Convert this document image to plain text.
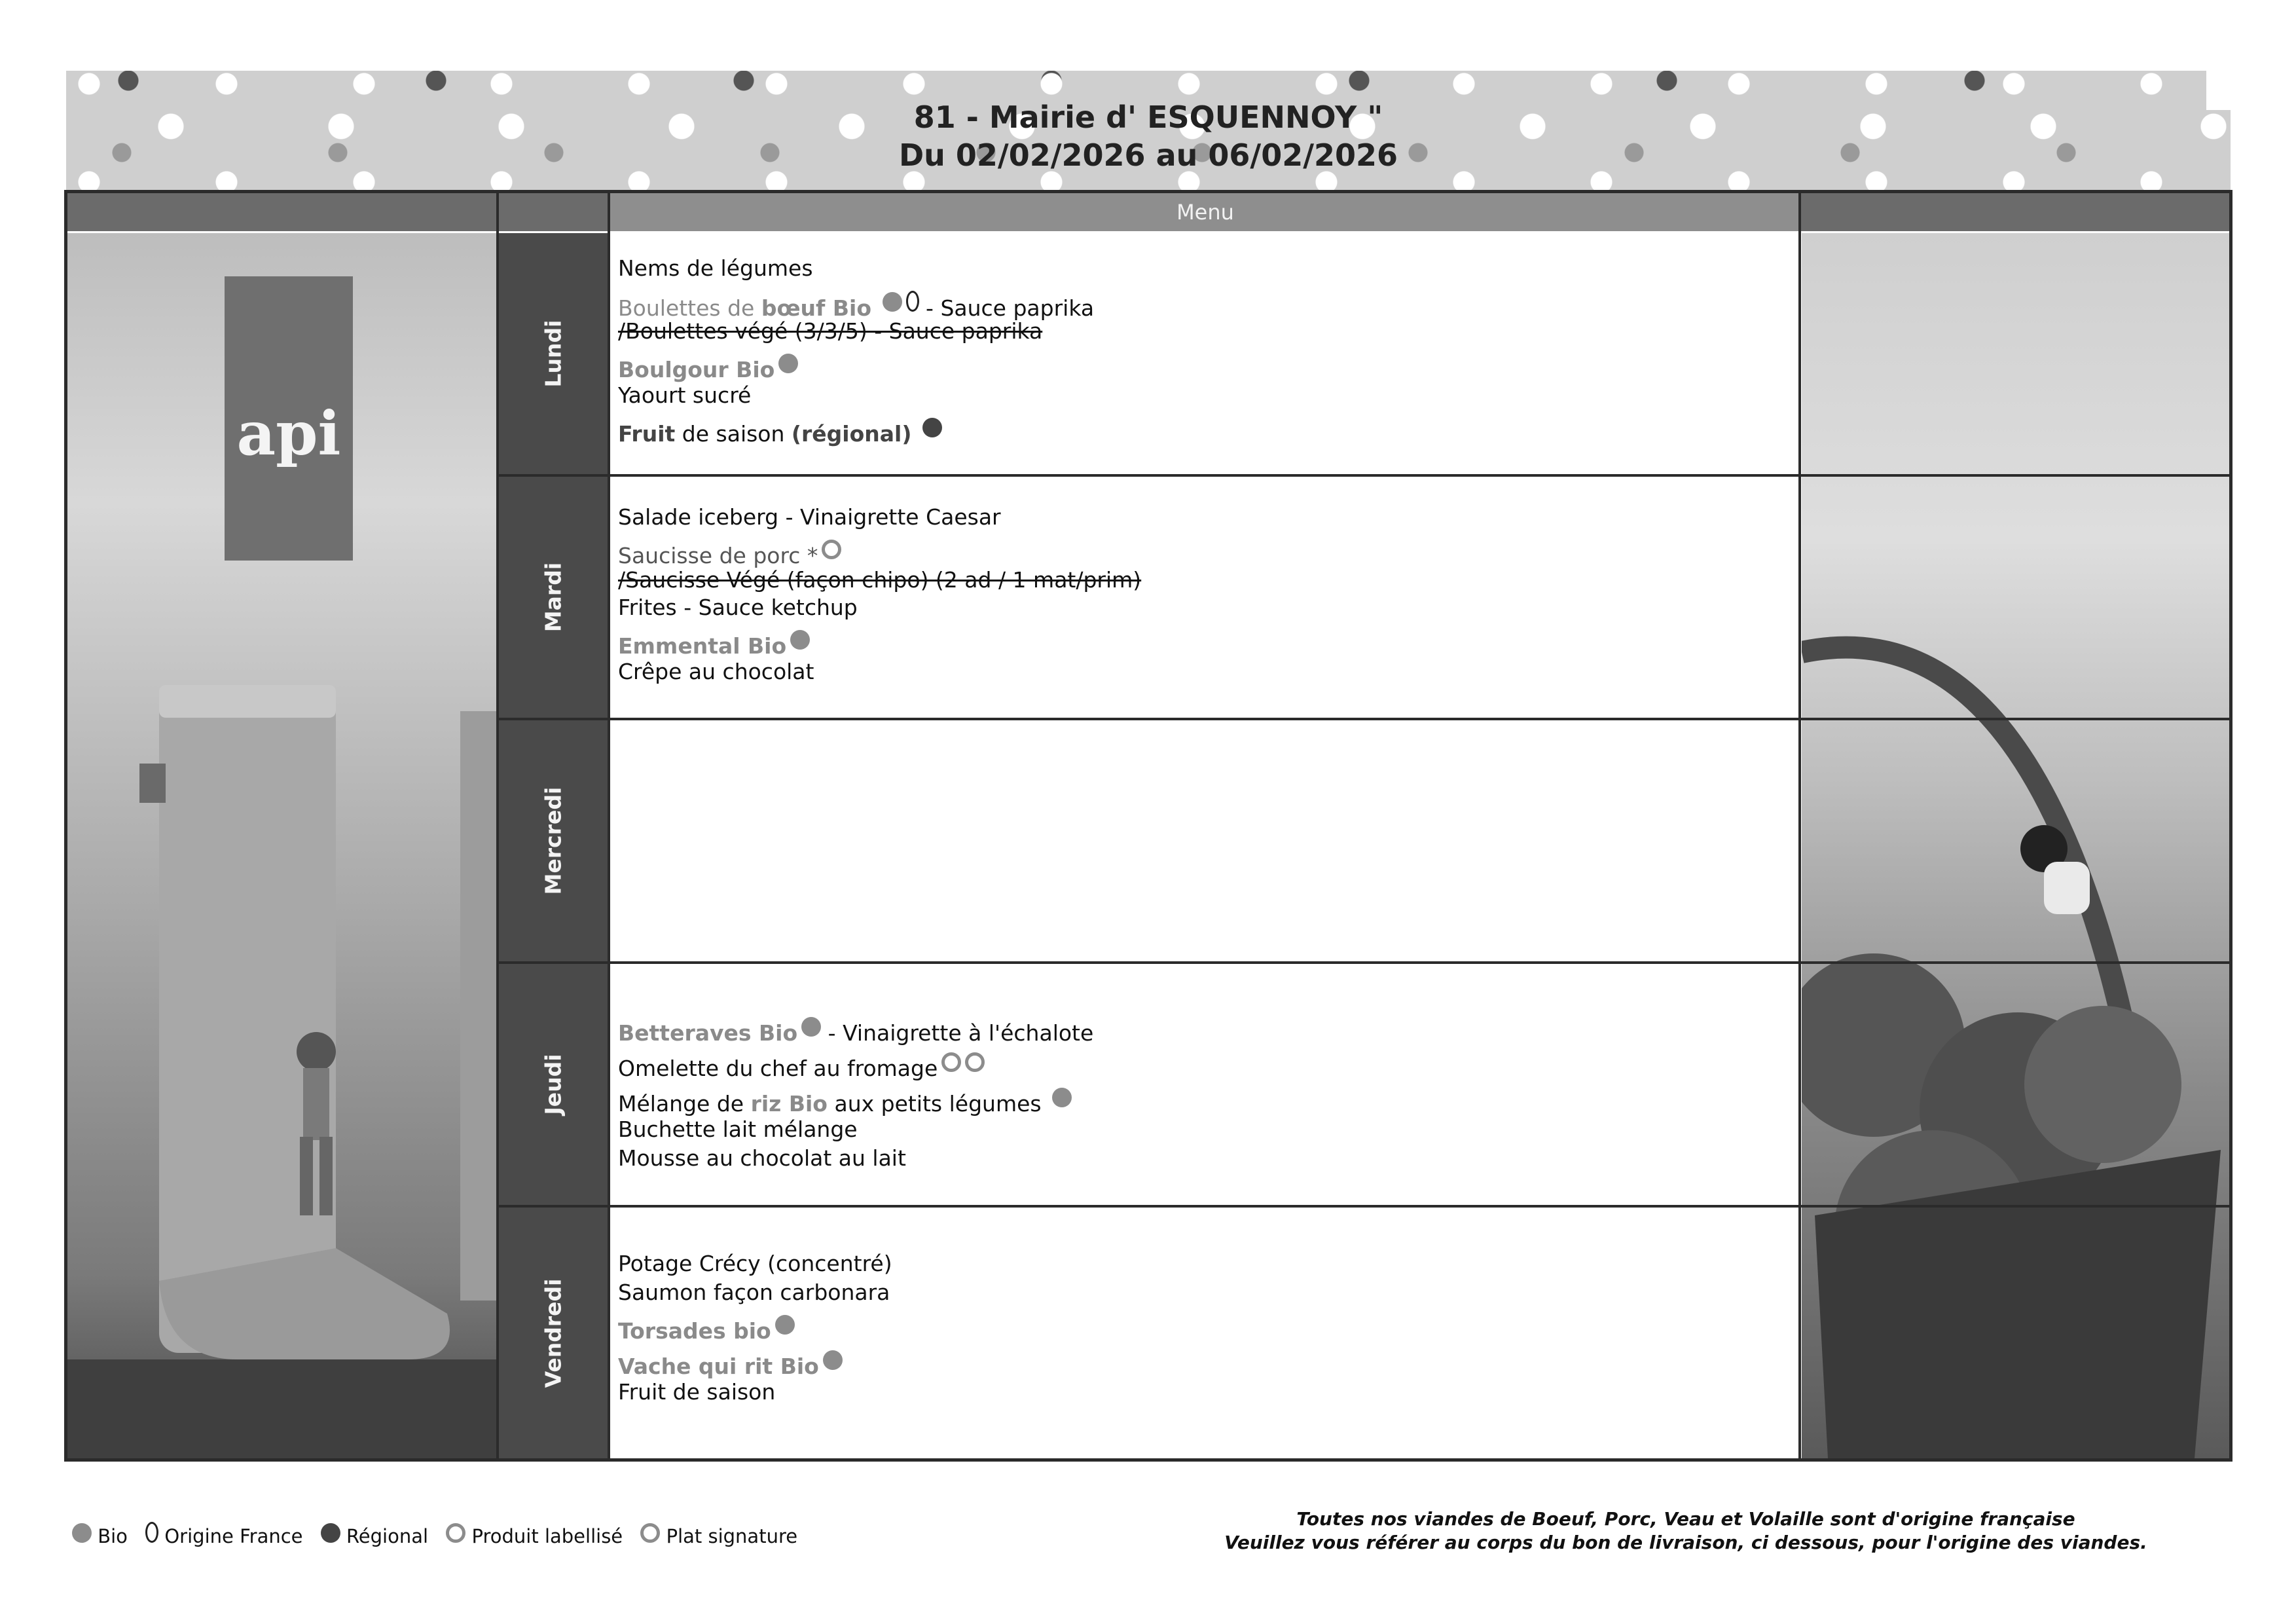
81 - Mairie d' ESQUENNOY "
Du 02/02/2026 au 06/02/2026
Menu
api
Lundi
Mardi
Mercredi
Jeudi
Vendredi
Nems de légumes
Boulettes de bœuf Bio	- Sauce paprika
/Boulettes végé (3/3/5) - Sauce paprika
Boulgour Bio
Yaourt sucré
Fruit de saison (régional)
Salade iceberg - Vinaigrette Caesar
Saucisse de porc *
/Saucisse Végé (façon chipo) (2 ad / 1 mat/prim)
Frites - Sauce ketchup
Emmental Bio
Crêpe au chocolat
Betteraves Bio - Vinaigrette à l'échalote
Omelette du chef au fromage
Mélange de riz Bio aux petits légumes
Buchette lait mélange
Mousse au chocolat au lait
Potage Crécy (concentré)
Saumon façon carbonara
Torsades bio
Vache qui rit Bio
Fruit de saison
Bio Origine France Régional Produit labellisé Plat signature
Toutes nos viandes de Boeuf, Porc, Veau et Volaille sont d'origine française
Veuillez vous référer au corps du bon de livraison, ci dessous, pour l'origine des viandes.
